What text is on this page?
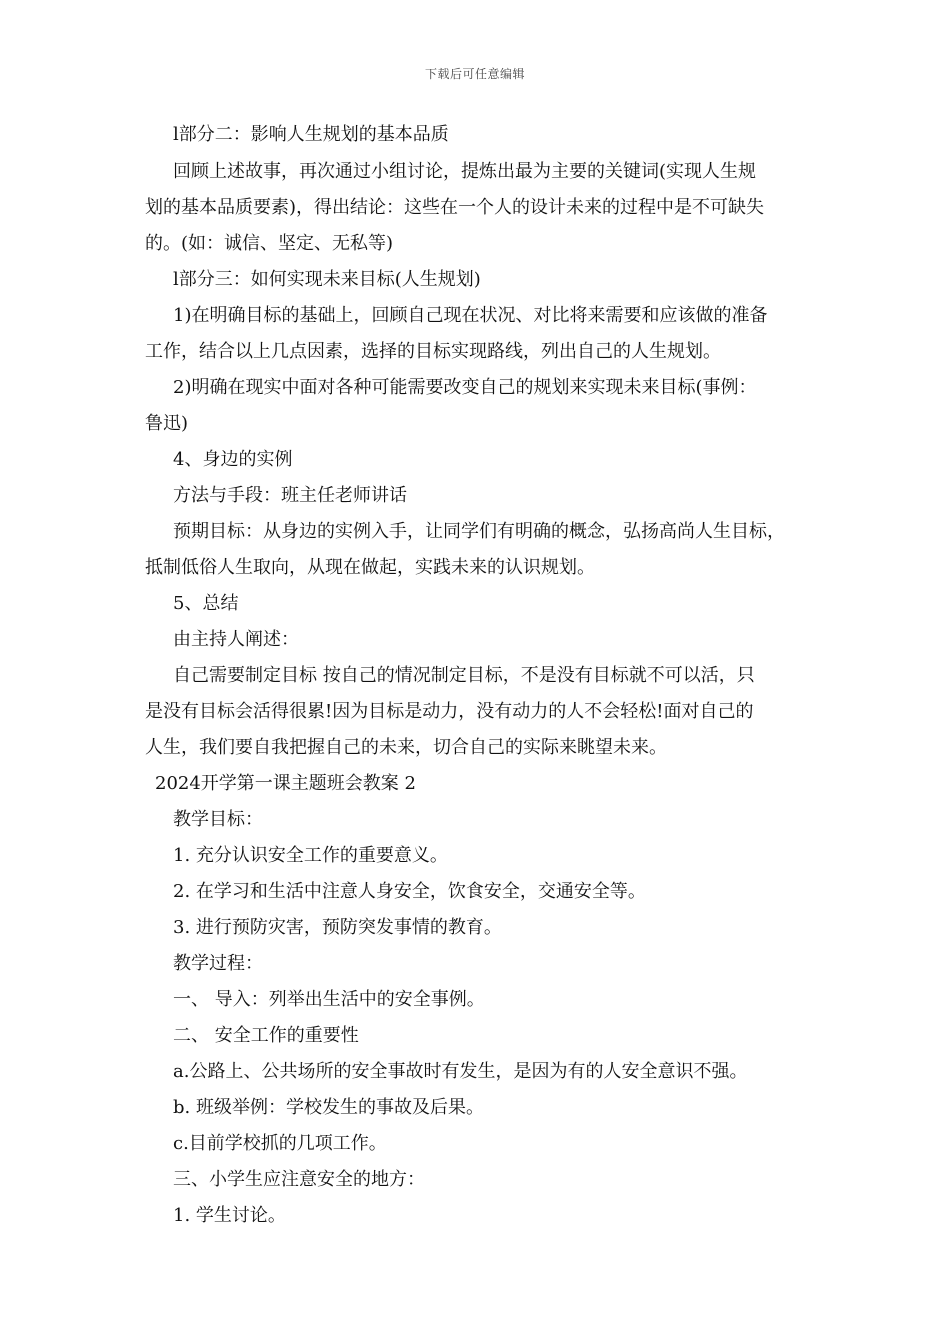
下载后可任意编辑
l部分二：影响人生规划的基本品质
回顾上述故事，再次通过小组讨论，提炼出最为主要的关键词(实现人生规
划的基本品质要素)，得出结论：这些在一个人的设计未来的过程中是不可缺失
的。(如：诚信、坚定、无私等)
l部分三：如何实现未来目标(人生规划)
1)在明确目标的基础上，回顾自己现在状况、对比将来需要和应该做的准备
工作，结合以上几点因素，选择的目标实现路线，列出自己的人生规划。
2)明确在现实中面对各种可能需要改变自己的规划来实现未来目标(事例：
鲁迅)
4、身边的实例
方法与手段：班主任老师讲话
预期目标：从身边的实例入手，让同学们有明确的概念，弘扬高尚人生目标，
抵制低俗人生取向，从现在做起，实践未来的认识规划。
5、总结
由主持人阐述：
自己需要制定目标 按自己的情况制定目标，不是没有目标就不可以活，只
是没有目标会活得很累!因为目标是动力，没有动力的人不会轻松!面对自己的
人生，我们要自我把握自己的未来，切合自己的实际来眺望未来。
2024开学第一课主题班会教案 2
教学目标：
1. 充分认识安全工作的重要意义。
2. 在学习和生活中注意人身安全，饮食安全，交通安全等。
3. 进行预防灾害，预防突发事情的教育。
教学过程：
一、 导入：列举出生活中的安全事例。
二、 安全工作的重要性
a.公路上、公共场所的安全事故时有发生，是因为有的人安全意识不强。
b. 班级举例：学校发生的事故及后果。
c.目前学校抓的几项工作。
三、小学生应注意安全的地方：
1. 学生讨论。
